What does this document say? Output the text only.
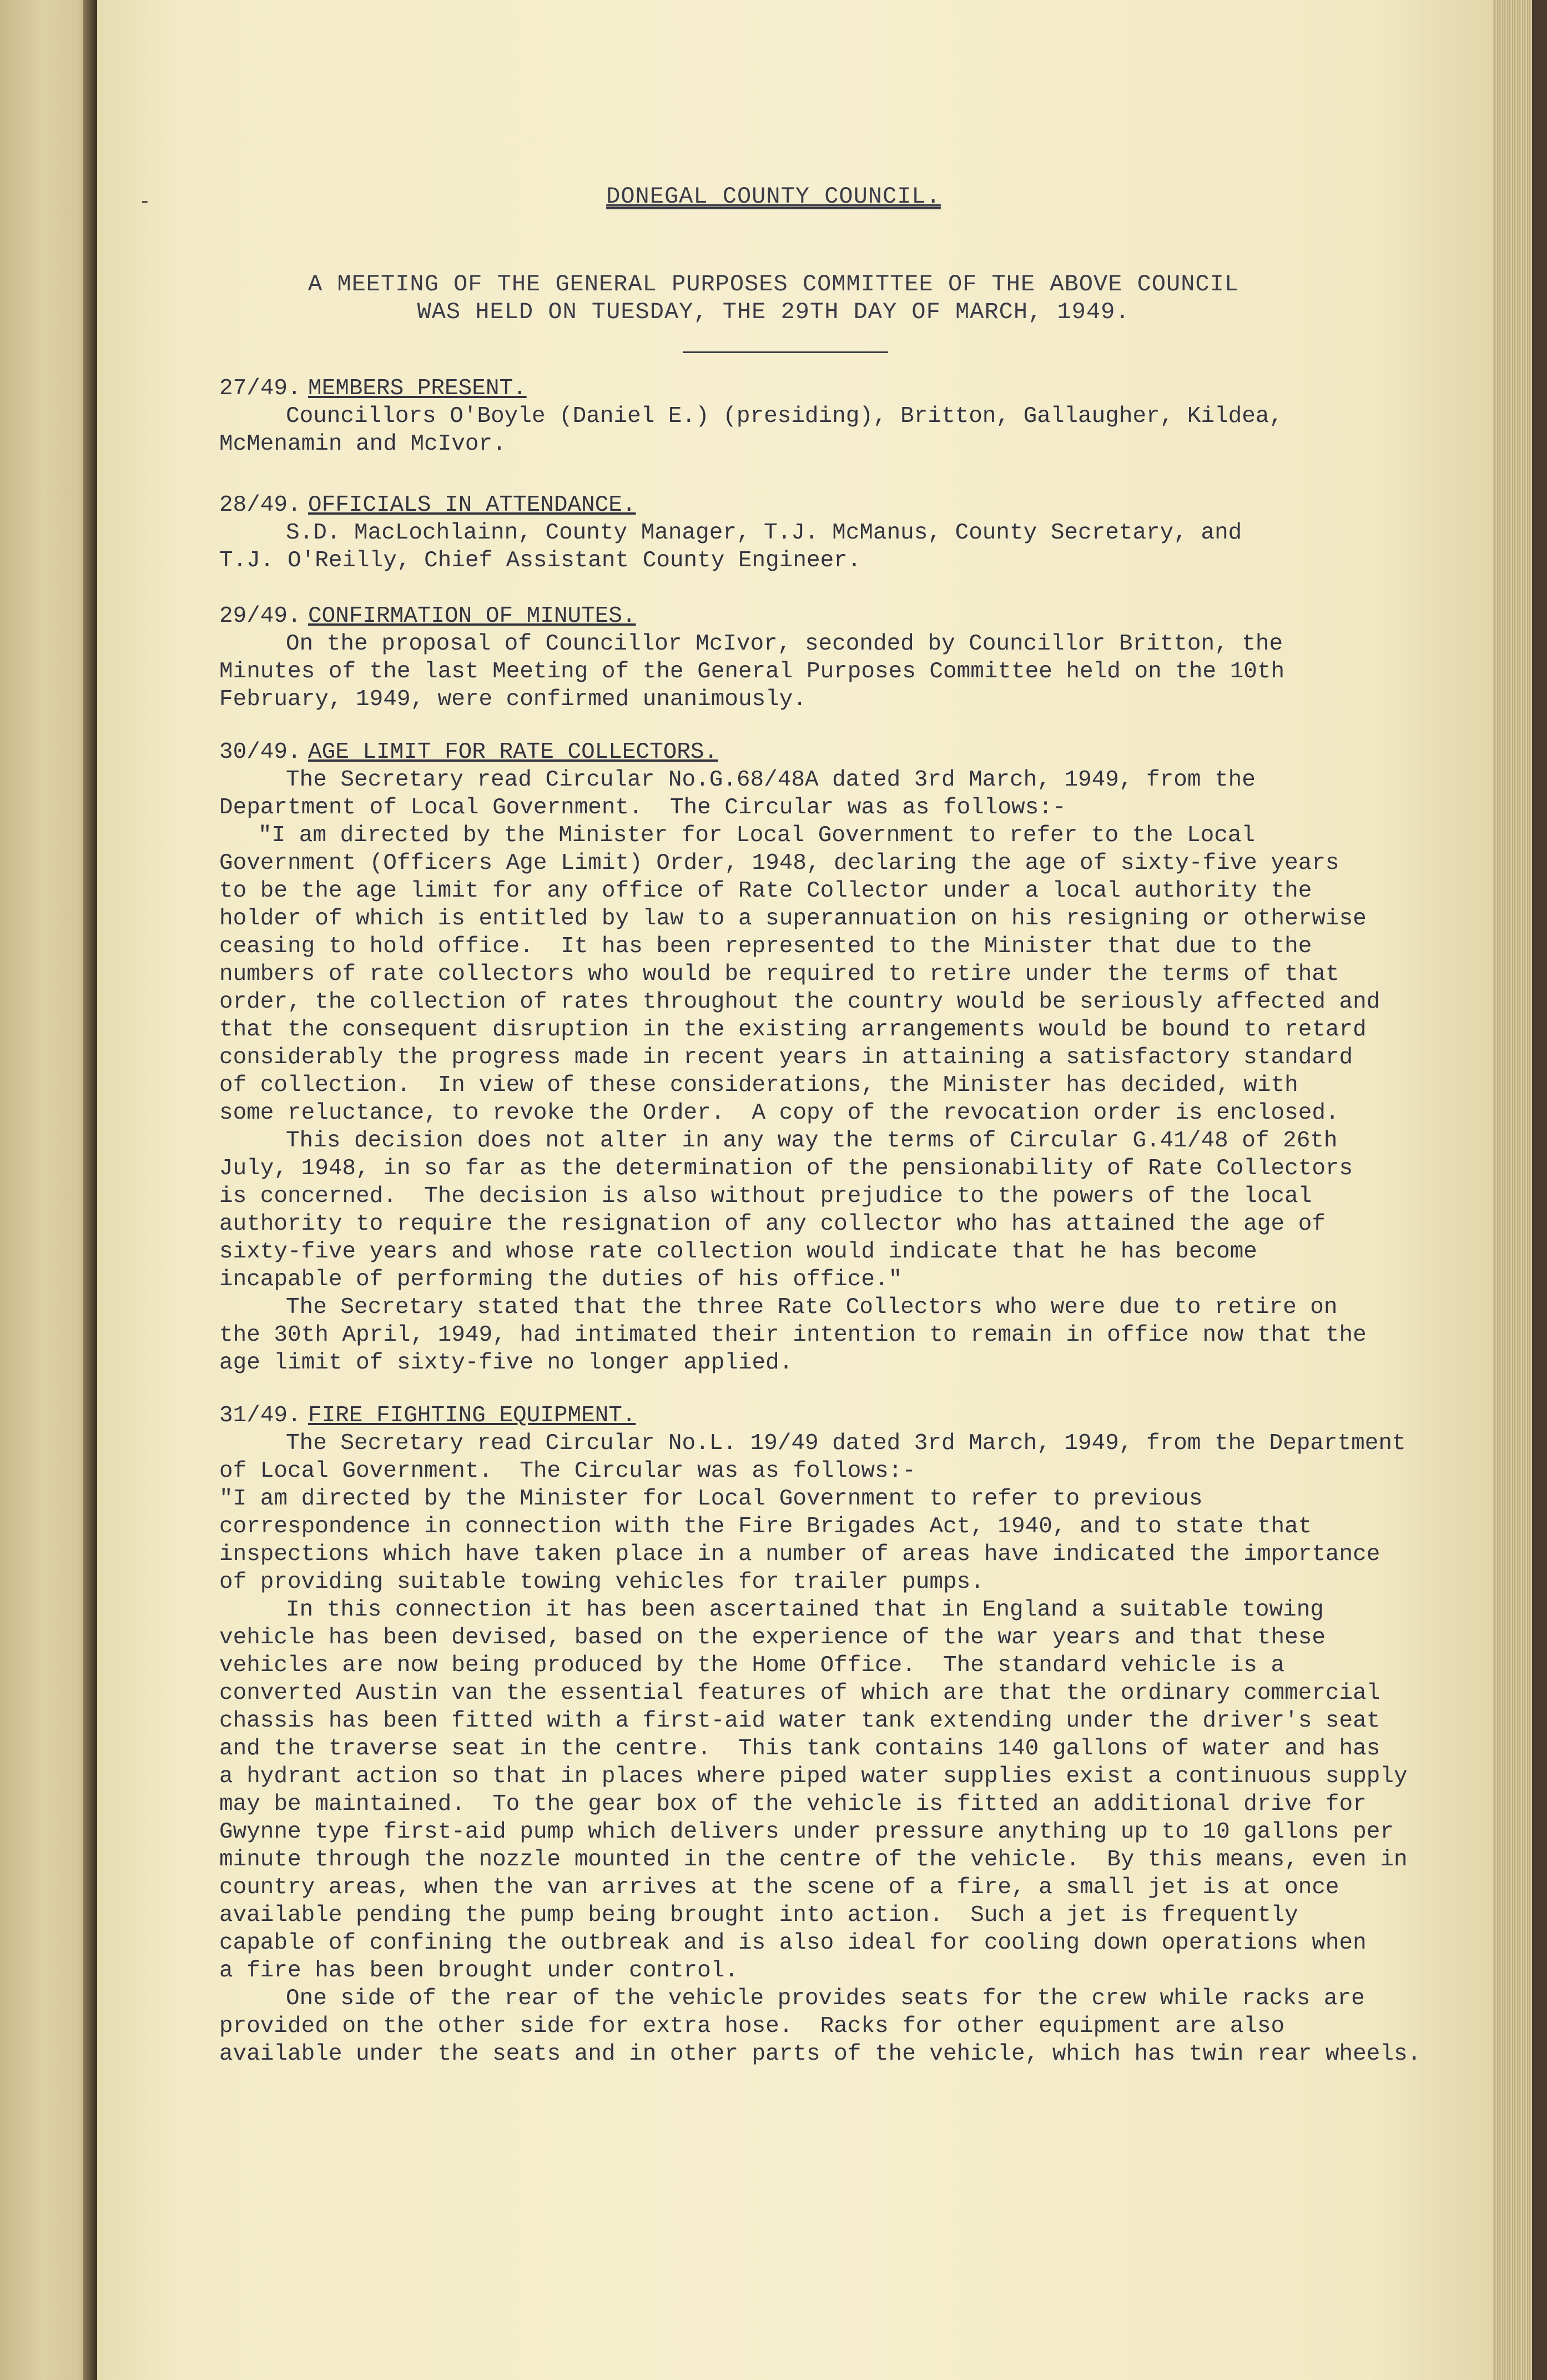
-	DONEGAL COUNTY COUNCIL.
A MEETING OF THE GENERAL PURPOSES COMMITTEE OF THE ABOVE COUNCIL
WAS HELD ON TUESDAY, THE 29TH DAY OF MARCH, 1949.
27/49. MEMBERS PRESENT.
Councillors O'Boyle (Daniel E.) (presiding), Britton, Gallaugher, Kildea,
McMenamin and McIvor.
28/49. OFFICIALS IN ATTENDANCE.
S.D. MacLochlainn, County Manager, T.J. McManus, County Secretary, and
T.J. O'Reilly, Chief Assistant County Engineer.
29/49. CONFIRMATION OF MINUTES.
On the proposal of Councillor McIvor, seconded by Councillor Britton, the
Minutes of the last Meeting of the General Purposes Committee held on the 10th
February, 1949, were confirmed unanimously.
30/49. AGE LIMIT FOR RATE COLLECTORS.
The Secretary read Circular No.G.68/48A dated 3rd March, 1949, from the
Department of Local Government.  The Circular was as follows:-
"I am directed by the Minister for Local Government to refer to the Local
Government (Officers Age Limit) Order, 1948, declaring the age of sixty-five years
to be the age limit for any office of Rate Collector under a local authority the
holder of which is entitled by law to a superannuation on his resigning or otherwise
ceasing to hold office.  It has been represented to the Minister that due to the
numbers of rate collectors who would be required to retire under the terms of that
order, the collection of rates throughout the country would be seriously affected and
that the consequent disruption in the existing arrangements would be bound to retard
considerably the progress made in recent years in attaining a satisfactory standard
of collection.  In view of these considerations, the Minister has decided, with
some reluctance, to revoke the Order.  A copy of the revocation order is enclosed.
This decision does not alter in any way the terms of Circular G.41/48 of 26th
July, 1948, in so far as the determination of the pensionability of Rate Collectors
is concerned.  The decision is also without prejudice to the powers of the local
authority to require the resignation of any collector who has attained the age of
sixty-five years and whose rate collection would indicate that he has become
incapable of performing the duties of his office."
The Secretary stated that the three Rate Collectors who were due to retire on
the 30th April, 1949, had intimated their intention to remain in office now that the
age limit of sixty-five no longer applied.
31/49. FIRE FIGHTING EQUIPMENT.
The Secretary read Circular No.L. 19/49 dated 3rd March, 1949, from the Department
of Local Government.  The Circular was as follows:-
"I am directed by the Minister for Local Government to refer to previous
correspondence in connection with the Fire Brigades Act, 1940, and to state that
inspections which have taken place in a number of areas have indicated the importance
of providing suitable towing vehicles for trailer pumps.
In this connection it has been ascertained that in England a suitable towing
vehicle has been devised, based on the experience of the war years and that these
vehicles are now being produced by the Home Office.  The standard vehicle is a
converted Austin van the essential features of which are that the ordinary commercial
chassis has been fitted with a first-aid water tank extending under the driver's seat
and the traverse seat in the centre.  This tank contains 140 gallons of water and has
a hydrant action so that in places where piped water supplies exist a continuous supply
may be maintained.  To the gear box of the vehicle is fitted an additional drive for
Gwynne type first-aid pump which delivers under pressure anything up to 10 gallons per
minute through the nozzle mounted in the centre of the vehicle.  By this means, even in
country areas, when the van arrives at the scene of a fire, a small jet is at once
available pending the pump being brought into action.  Such a jet is frequently
capable of confining the outbreak and is also ideal for cooling down operations when
a fire has been brought under control.
One side of the rear of the vehicle provides seats for the crew while racks are
provided on the other side for extra hose.  Racks for other equipment are also
available under the seats and in other parts of the vehicle, which has twin rear wheels.
